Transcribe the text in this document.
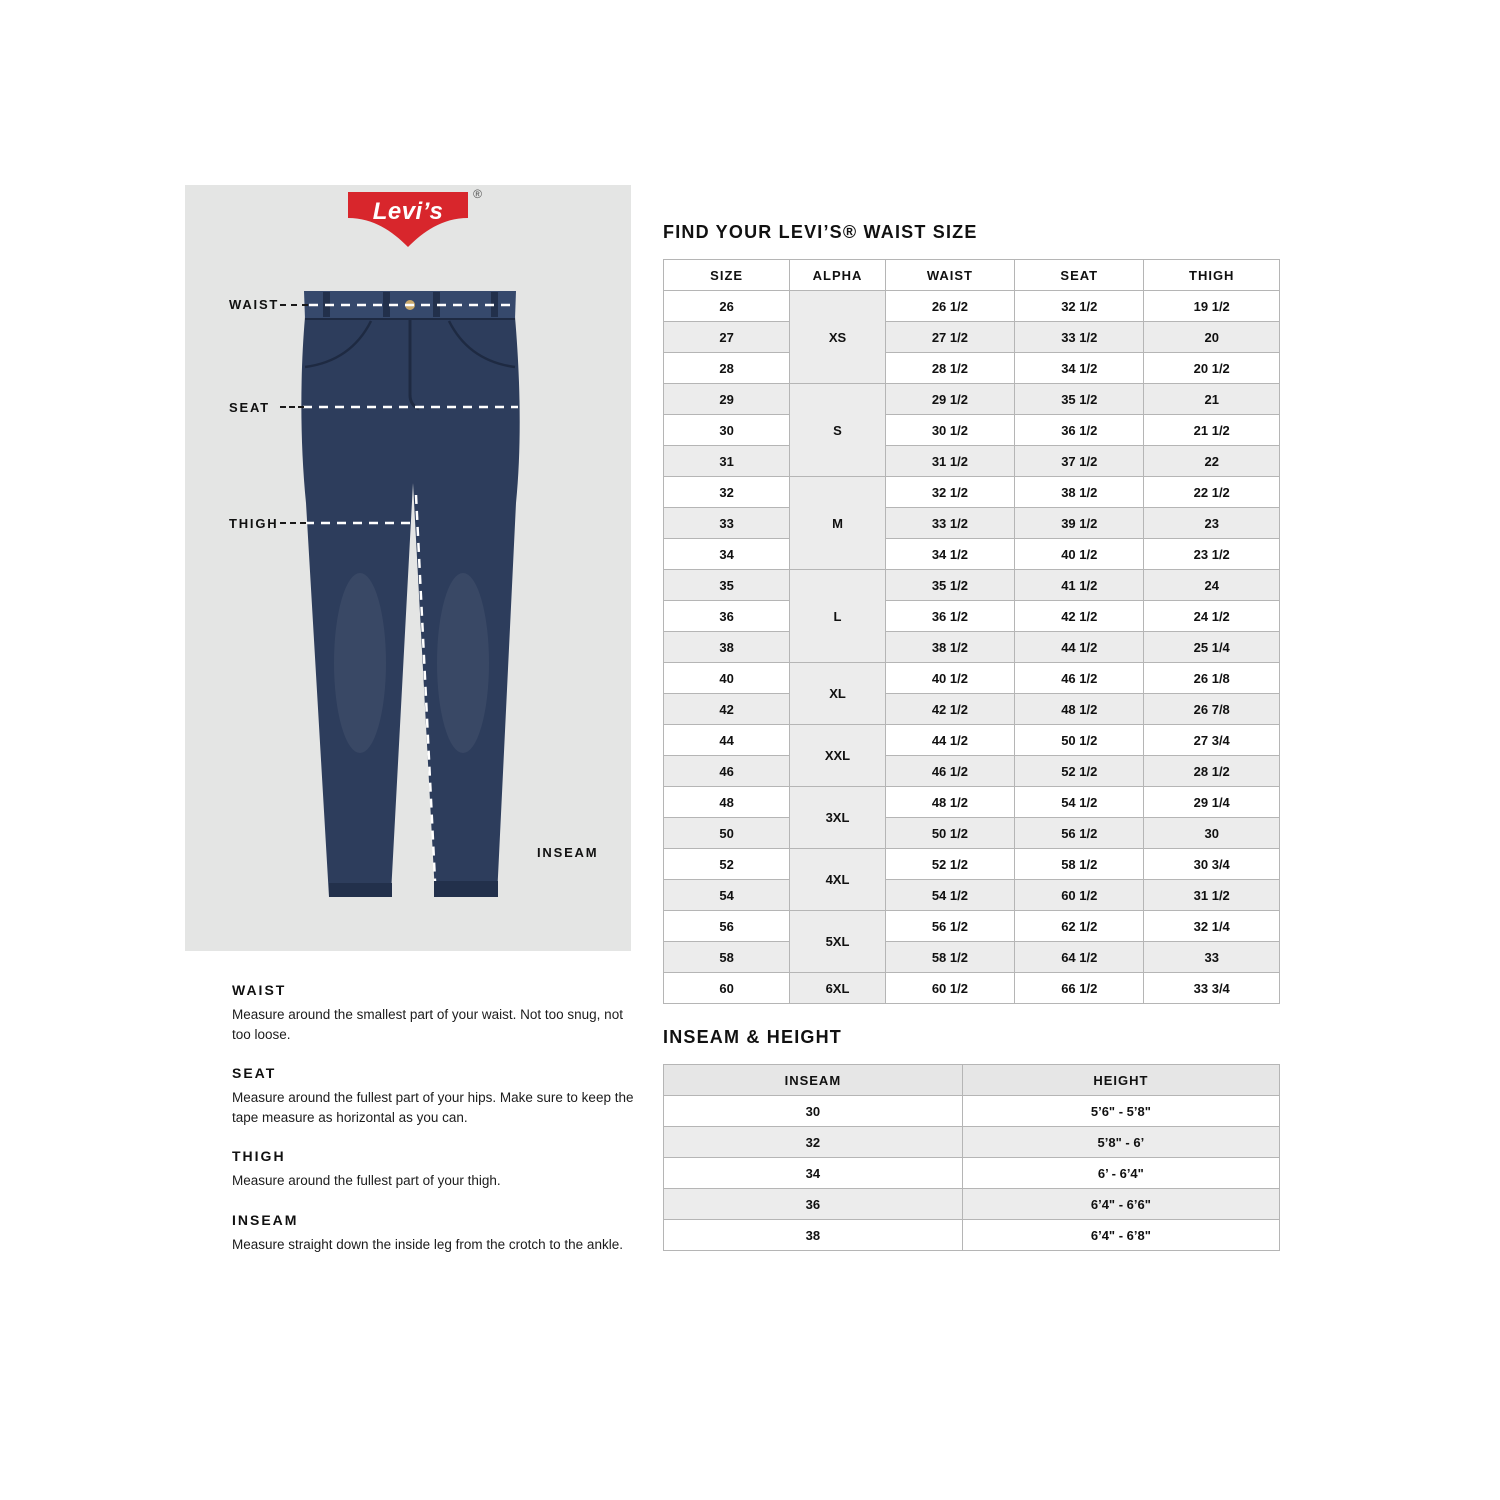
Levi’s
®
WAIST
SEAT
THIGH
INSEAM
WAIST
Measure around the smallest part of your waist. Not too snug, not too loose.
SEAT
Measure around the fullest part of your hips. Make sure to keep the tape measure as horizontal as you can.
THIGH
Measure around the fullest part of your thigh.
INSEAM
Measure straight down the inside leg from the crotch to the ankle.
FIND YOUR LEVI’S® WAIST SIZE
SIZE	ALPHA	WAIST	SEAT	THIGH
26	XS	26 1/2	32 1/2	19 1/2
27		27 1/2	33 1/2	20
28		28 1/2	34 1/2	20 1/2
29	S	29 1/2	35 1/2	21
30		30 1/2	36 1/2	21 1/2
31		31 1/2	37 1/2	22
32	M	32 1/2	38 1/2	22 1/2
33		33 1/2	39 1/2	23
34		34 1/2	40 1/2	23 1/2
35	L	35 1/2	41 1/2	24
36		36 1/2	42 1/2	24 1/2
38		38 1/2	44 1/2	25 1/4
40	XL	40 1/2	46 1/2	26 1/8
42		42 1/2	48 1/2	26 7/8
44	XXL	44 1/2	50 1/2	27 3/4
46		46 1/2	52 1/2	28 1/2
48	3XL	48 1/2	54 1/2	29 1/4
50		50 1/2	56 1/2	30
52	4XL	52 1/2	58 1/2	30 3/4
54		54 1/2	60 1/2	31 1/2
56	5XL	56 1/2	62 1/2	32 1/4
58		58 1/2	64 1/2	33
60	6XL	60 1/2	66 1/2	33 3/4
INSEAM & HEIGHT
INSEAM	HEIGHT
30	5’6" - 5’8"
32	5’8" - 6’
34	6’ - 6’4"
36	6’4" - 6’6"
38	6’4" - 6’8"
